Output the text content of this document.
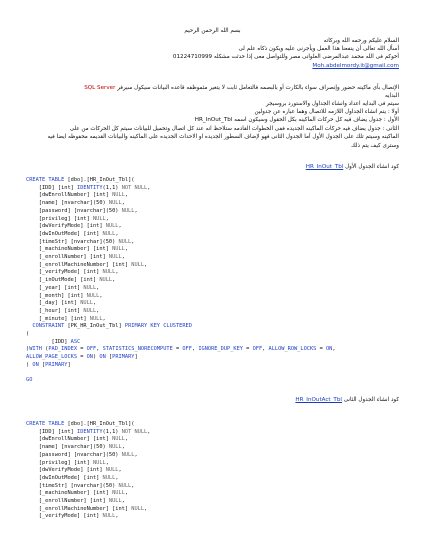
بسم الله الرحمن الرحيم
السلام عليكم ورحمه الله وبركاته
أسأل الله تعالى أن ينفعنا هذا العمل ويأجرنى عليه ويكون ذكاه علم لى
أخوكم فى الله محمد عبدالمرضى العلوانى مصر وللتواصل معى إذا حدثت مشكله 01224710999
Moh.abdelmordy.it@gmail.com
الإتصال بأى ماكينه حضور وإنصراف سواء بالكارت أو بالبصمه فالتعامل ثابت لا يتغير مثموظفه قاعده البيانات سيكول سيرفر SQL Server
البدايه
سيتم فى البدايه اعداد وانشاء الجداول والاستورد بروسيجر
أولا : يتم انشاء الجداول اللازمه للاتصال وهما عباره عن جدولين
الأول : جدول يضاف فيه كل حركات الماكينه بكل الحقول وسيكون اسمه HR_InOut_Tbl
الثانى : جدول يضاف فيه حركات الماكينه الجديده ففى الخطوات القادمه ستلاحظ انه عند كل اتصال وتحميل للبيانات سيتم كل الحركات من على
الماكينه وسيتم تلك على الجدول الأول أما الجدول الثانى فهو لإضاف السطور الجديده او الاحداث الجديده على الماكينه والبيانات القديمه محفوظه ايضا فيه
وسترى كيف يتم ذلك
كود انشاء الجدول الأول HR_InOut_Tbl
CREATE TABLE [dbo].[HR_InOut_Tbl](
[IDD] [int] IDENTITY(1,1) NOT NULL,
[dwEnrollNumber] [int] NULL,
[name] [nvarchar](50) NULL,
[password] [nvarchar](50) NULL,
[privileg] [int] NULL,
[dwVerifyMode] [int] NULL,
[dwInOutMode] [int] NULL,
[timeStr] [nvarchar](50) NULL,
[_machineNumber] [int] NULL,
[_enrollNumber] [int] NULL,
[_enrollMachineNumber] [int] NULL,
[_verifyMode] [int] NULL,
[_inOutMode] [int] NULL,
[_year] [int] NULL,
[_month] [int] NULL,
[_day] [int] NULL,
[_hour] [int] NULL,
[_minute] [int] NULL,
CONSTRAINT [PK_HR_InOut_Tbl] PRIMARY KEY CLUSTERED
(
[IDD] ASC
)WITH (PAD_INDEX = OFF, STATISTICS_NORECOMPUTE = OFF, IGNORE_DUP_KEY = OFF, ALLOW_ROW_LOCKS = ON,
ALLOW_PAGE_LOCKS = ON) ON [PRIMARY]
) ON [PRIMARY]

GO
كود انشاء الجدول الثانى HR_InOutAct_Tbl
CREATE TABLE [dbo].[HR_InOut_Tbl](
[IDD] [int] IDENTITY(1,1) NOT NULL,
[dwEnrollNumber] [int] NULL,
[name] [nvarchar](50) NULL,
[password] [nvarchar](50) NULL,
[privileg] [int] NULL,
[dwVerifyMode] [int] NULL,
[dwInOutMode] [int] NULL,
[timeStr] [nvarchar](50) NULL,
[_machineNumber] [int] NULL,
[_enrollNumber] [int] NULL,
[_enrollMachineNumber] [int] NULL,
[_verifyMode] [int] NULL,
